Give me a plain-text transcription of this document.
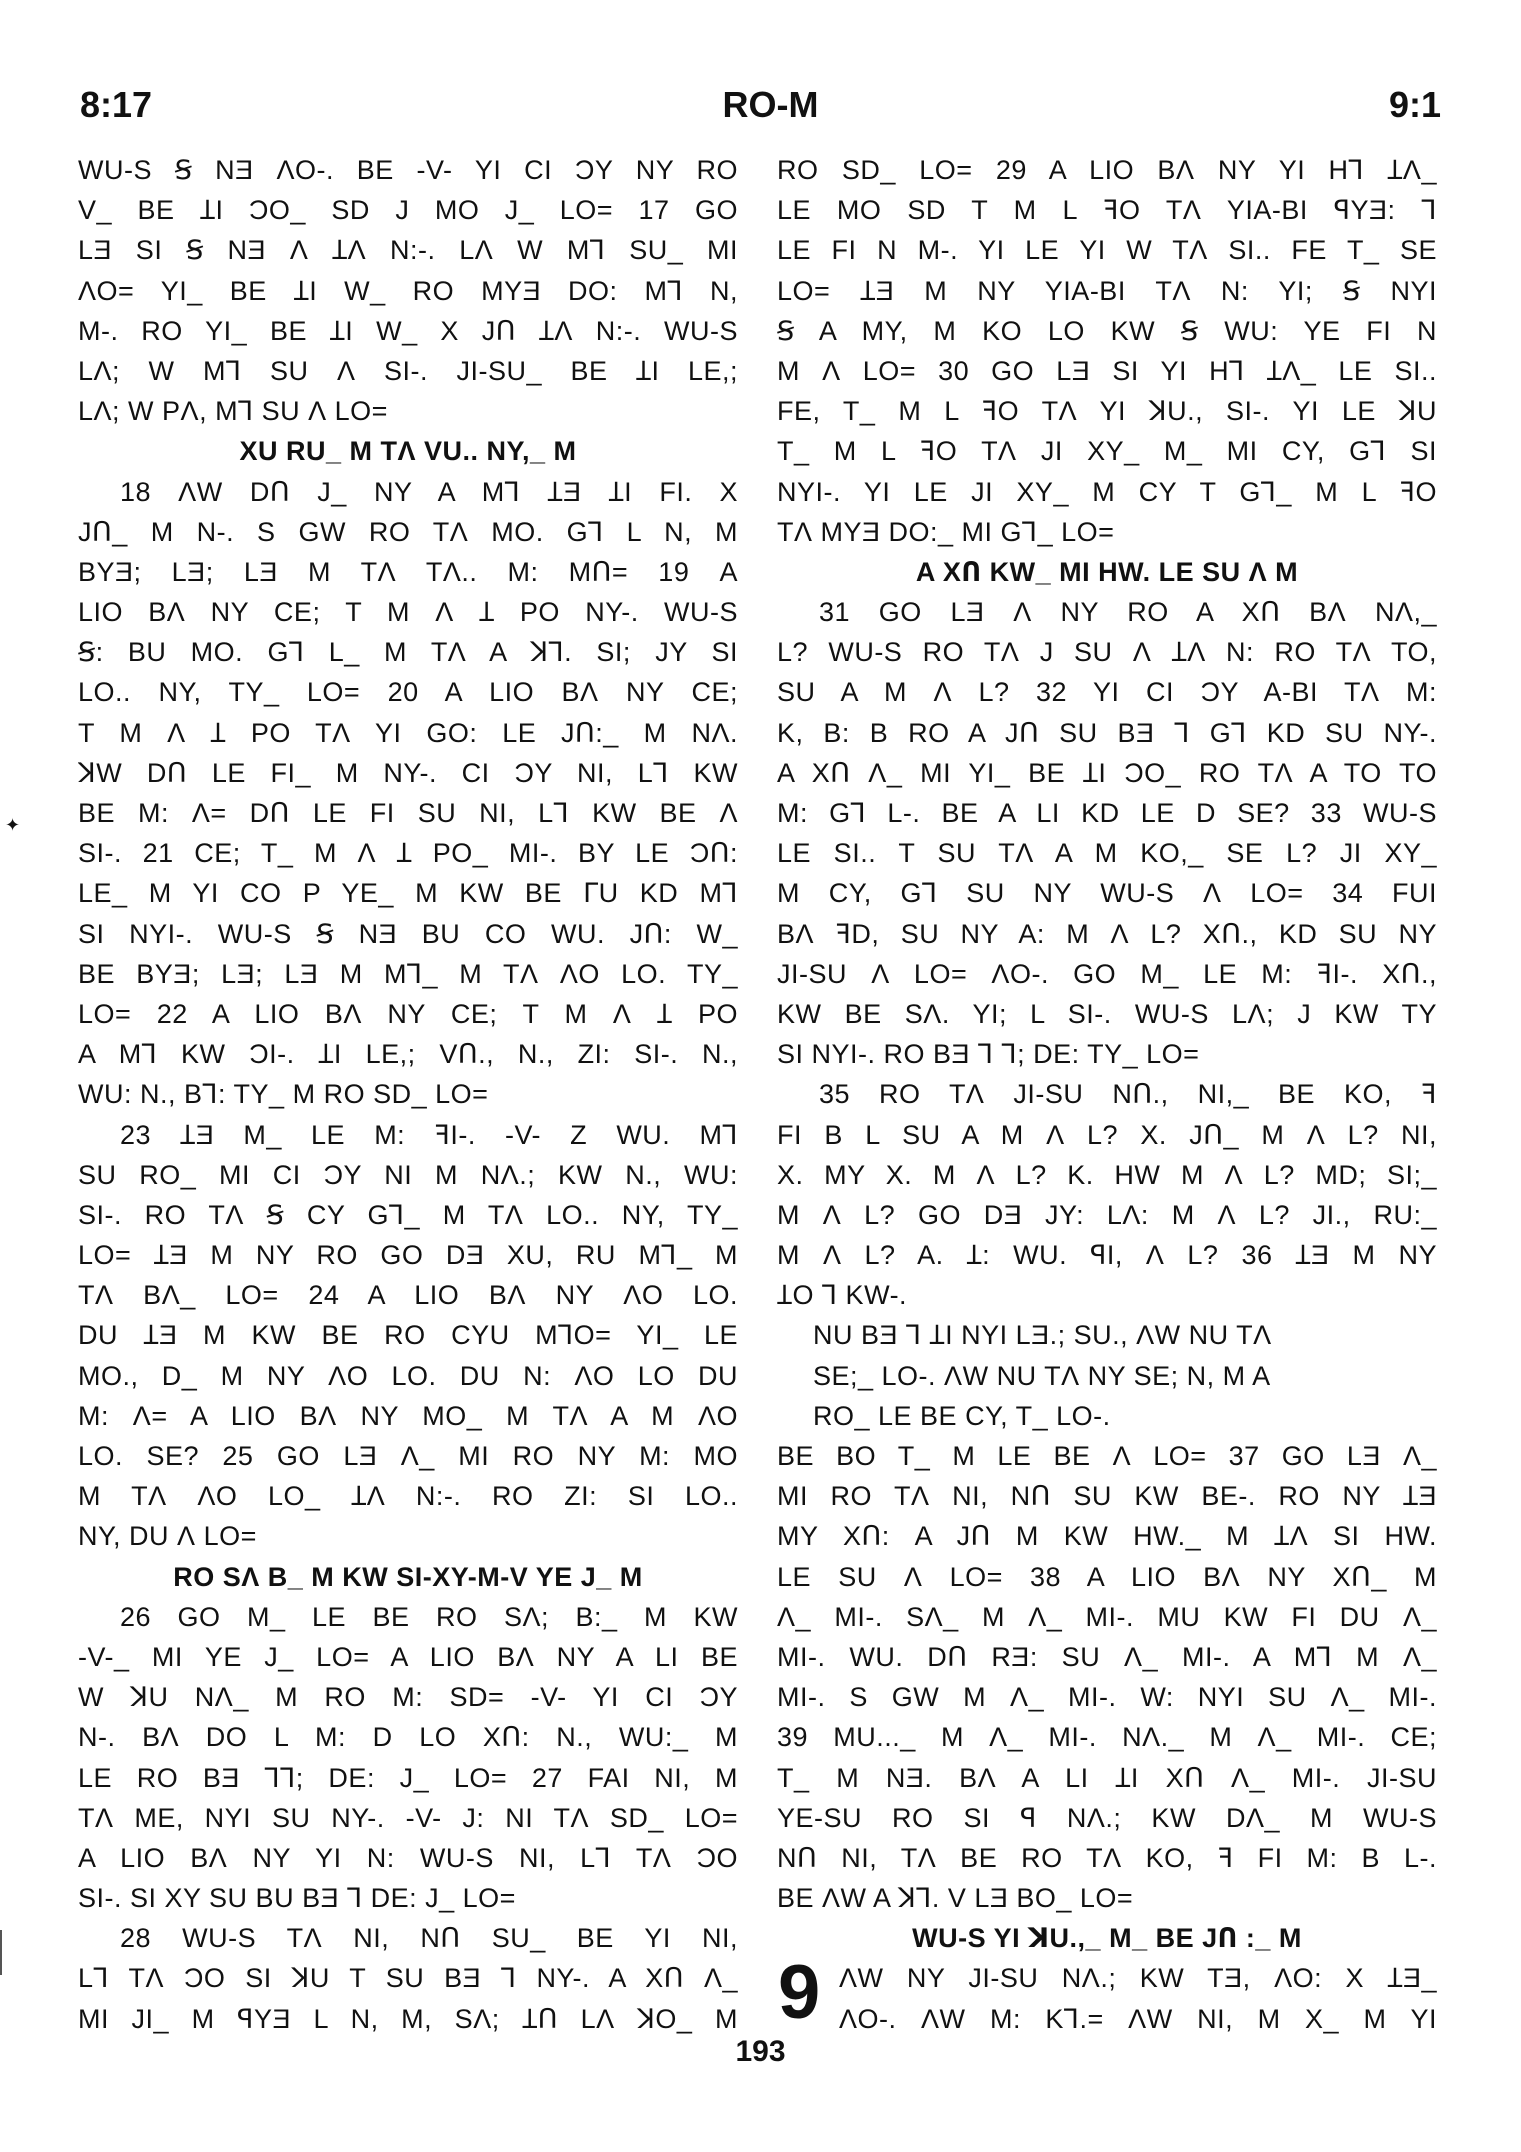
8:17	RO-M	9:1
WU-S Ꞩ NƎ ɅO-. BE -V- YI CI ƆY NY RO
V_ BE ꞱI ƆO_ SD J MO J_ LO= 17 GO
LƎ SI Ꞩ NƎ Ʌ ꞱɅ N:-. LɅ W MꞀ SU_ MI
ɅO= YI_ BE ꞱI W_ RO MYƎ DO: MꞀ N,
M-. RO YI_ BE ꞱI W_ X JՈ ꞱɅ N:-. WU-S
LɅ; W MꞀ SU Ʌ SI-. JI-SU_ BE ꞱI LE,;
LɅ; W PɅ, MꞀ SU Ʌ LO=
XU RU_ M TɅ VU.. NY,_ M
18 ɅW DՈ J_ NY A MꞀ ꞱƎ ꞱI FI. X
JՈ_ M N-. S GW RO TɅ MO. GꞀ L N, M
BYƎ; LƎ; LƎ M TɅ TɅ.. M: MՈ= 19 A
LIO BɅ NY CE; T M Ʌ Ʇ PO NY-. WU-S
Ꞩ: BU MO. GꞀ L_ M TɅ A ꓘꞀ. SI; JY SI
LO.. NY, TY_ LO= 20 A LIO BɅ NY CE;
T M Ʌ Ʇ PO TɅ YI GO: LE JՈ:_ M NɅ.
ꓘW DՈ LE FI_ M NY-. CI ƆY NI, LꞀ KW
BE M: Ʌ= DՈ LE FI SU NI, LꞀ KW BE Ʌ
SI-. 21 CE; T_ M Ʌ Ʇ PO_ MI-. BY LE ƆՈ:
LE_ M YI CO P YE_ M KW BE ᒥU KD MꞀ
SI NYI-. WU-S Ꞩ NƎ BU CO WU. JՈ: W_
BE BYƎ; LƎ; LƎ M MꞀ_ M TɅ ɅO LO. TY_
LO= 22 A LIO BɅ NY CE; T M Ʌ Ʇ PO
A MꞀ KW ƆI-. ꞱI LE,; VՈ., N., ZI: SI-. N.,
WU: N., BꞀ: TY_ M RO SD_ LO=
23 ꞱƎ M_ LE M: ꟻI-. -V- Z WU. MꞀ
SU RO_ MI CI ƆY NI M NɅ.; KW N., WU:
SI-. RO TɅ Ꞩ CY GꞀ_ M TɅ LO.. NY, TY_
LO= ꞱƎ M NY RO GO DƎ XU, RU MꞀ_ M
TɅ BɅ_ LO= 24 A LIO BɅ NY ɅO LO.
DU ꞱƎ M KW BE RO CYU MꞀO= YI_ LE
MO., D_ M NY ɅO LO. DU N: ɅO LO DU
M: Ʌ= A LIO BɅ NY MO_ M TɅ A M ɅO
LO. SE? 25 GO LƎ Ʌ_ MI RO NY M: MO
M TɅ ɅO LO_ ꞱɅ N:-. RO ZI: SI LO..
NY, DU Ʌ LO=
RO SɅ B_ M KW SI-XY-M-V YE J_ M
26 GO M_ LE BE RO SɅ; B:_ M KW
-V-_ MI YE J_ LO= A LIO BɅ NY A LI BE
W ꓘU NɅ_ M RO M: SD= -V- YI CI ƆY
N-. BɅ DO L M: D LO XՈ: N., WU:_ M
LE RO BƎ ꞀꞀ; DE: J_ LO= 27 FAI NI, M
TɅ ME, NYI SU NY-. -V- J: NI TɅ SD_ LO=
A LIO BɅ NY YI N: WU-S NI, LꞀ TɅ ƆO
SI-. SI XY SU BU BƎ Ꞁ DE: J_ LO=
28 WU-S TɅ NI, NՈ SU_ BE YI NI,
LꞀ TɅ ƆO SI ꓘU T SU BƎ Ꞁ NY-. A XՈ Ʌ_
MI JI_ M ꟼYƎ L N, M, SɅ; ꞱՈ LɅ ꓘO_ M
RO SD_ LO= 29 A LIO BɅ NY YI HꞀ ꞱɅ_
LE MO SD T M L ꟻO TɅ YIA-BI ꟼYƎ: Ꞁ
LE FI N M-. YI LE YI W TɅ SI.. FE T_ SE
LO= ꞱƎ M NY YIA-BI TɅ N: YI; Ꞩ NYI
Ꞩ A MY, M KO LO KW Ꞩ WU: YE FI N
M Ʌ LO= 30 GO LƎ SI YI HꞀ ꞱɅ_ LE SI..
FE, T_ M L ꟻO TɅ YI ꓘU., SI-. YI LE ꓘU
T_ M L ꟻO TɅ JI XY_ M_ MI CY, GꞀ SI
NYI-. YI LE JI XY_ M CY T GꞀ_ M L ꟻO
TɅ MYƎ DO:_ MI GꞀ_ LO=
A XՈ KW_ MI HW. LE SU Ʌ M
31 GO LƎ Ʌ NY RO A XՈ BɅ NɅ,_
L? WU-S RO TɅ J SU Ʌ ꞱɅ N: RO TɅ TO,
SU A M Ʌ L? 32 YI CI ƆY A-BI TɅ M:
K, B: B RO A JՈ SU BƎ Ꞁ GꞀ KD SU NY-.
A XՈ Ʌ_ MI YI_ BE ꞱI ƆO_ RO TɅ A TO TO
M: GꞀ L-. BE A LI KD LE D SE? 33 WU-S
LE SI.. T SU TɅ A M KO,_ SE L? JI XY_
M CY, GꞀ SU NY WU-S Ʌ LO= 34 FUI
BɅ ꟻD, SU NY A: M Ʌ L? XՈ., KD SU NY
JI-SU Ʌ LO= ɅO-. GO M_ LE M: ꟻI-. XՈ.,
KW BE SɅ. YI; L SI-. WU-S LɅ; J KW TY
SI NYI-. RO BƎ Ꞁ Ꞁ; DE: TY_ LO=
35 RO TɅ JI-SU NՈ., NI,_ BE KO, ꟻ
FI B L SU A M Ʌ L? X. JՈ_ M Ʌ L? NI,
X. MY X. M Ʌ L? K. HW M Ʌ L? MD; SI;_
M Ʌ L? GO DƎ JY: LɅ: M Ʌ L? JI., RU:_
M Ʌ L? A. Ʇ: WU. ꟼI, Ʌ L? 36 ꞱƎ M NY
ꞱO Ꞁ KW-.
NU BƎ Ꞁ ꞱI NYI LƎ.; SU., ɅW NU TɅ
SE;_ LO-. ɅW NU TɅ NY SE; N, M A
RO_ LE BE CY, T_ LO-.
BE BO T_ M LE BE Ʌ LO= 37 GO LƎ Ʌ_
MI RO TɅ NI, NՈ SU KW BE-. RO NY ꞱƎ
MY XՈ: A JՈ M KW HW._ M ꞱɅ SI HW.
LE SU Ʌ LO= 38 A LIO BɅ NY XՈ_ M
Ʌ_ MI-. SɅ_ M Ʌ_ MI-. MU KW FI DU Ʌ_
MI-. WU. DՈ RƎ: SU Ʌ_ MI-. A MꞀ M Ʌ_
MI-. S GW M Ʌ_ MI-. W: NYI SU Ʌ_ MI-.
39 MU..._ M Ʌ_ MI-. NɅ._ M Ʌ_ MI-. CE;
T_ M NƎ. BɅ A LI ꞱI XՈ Ʌ_ MI-. JI-SU
YE-SU RO SI ꟼ NɅ.; KW DɅ_ M WU-S
NՈ NI, TɅ BE RO TɅ KO, ꟻ FI M: B L-.
BE ɅW A ꓘꞀ. V LƎ BO_ LO=
WU-S YI ꓘU.,_ M_ BE JՈ :_ M
ɅW NY JI-SU NɅ.; KW TƎ, ɅO: X ꞱƎ_
ɅO-. ɅW M: KꞀ.= ɅW NI, M X_ M YI
9
193
✦
